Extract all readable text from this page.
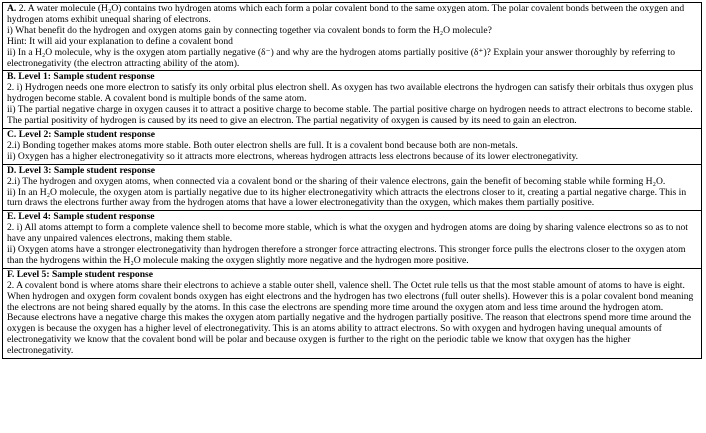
A. 2. A water molecule (H₂O) contains two hydrogen atoms which each form a polar covalent bond to the same oxygen atom. The polar covalent bonds between the oxygen and hydrogen atoms exhibit unequal sharing of electrons.

i) What benefit do the hydrogen and oxygen atoms gain by connecting together via covalent bonds to form the H₂O molecule?

Hint: It will aid your explanation to define a covalent bond

ii) In a H₂O molecule, why is the oxygen atom partially negative (δ⁻) and why are the hydrogen atoms partially positive (δ⁺)? Explain your answer thoroughly by referring to electronegativity (the electron attracting ability of the atom).

B. Level 1: Sample student response

2. i) Hydrogen needs one more electron to satisfy its only orbital plus electron shell. As oxygen has two available electrons the hydrogen can satisfy their orbitals thus oxygen plus hydrogen become stable. A covalent bond is multiple bonds of the same atom.

ii) The partial negative charge in oxygen causes it to attract a positive charge to become stable. The partial positive charge on hydrogen needs to attract electrons to become stable. The partial positivity of hydrogen is caused by its need to give an electron. The partial negativity of oxygen is caused by its need to gain an electron.

C. Level 2: Sample student response

2.i) Bonding together makes atoms more stable. Both outer electron shells are full. It is a covalent bond because both are non-metals.

ii) Oxygen has a higher electronegativity so it attracts more electrons, whereas hydrogen attracts less electrons because of its lower electronegativity.

D. Level 3: Sample student response

2.i) The hydrogen and oxygen atoms, when connected via a covalent bond or the sharing of their valence electrons, gain the benefit of becoming stable while forming H₂O.

ii) In an H₂O molecule, the oxygen atom is partially negative due to its higher electronegativity which attracts the electrons closer to it, creating a partial negative charge. This in turn draws the electrons further away from the hydrogen atoms that have a lower electronegativity than the oxygen, which makes them partially positive.

E. Level 4: Sample student response

2. i) All atoms attempt to form a complete valence shell to become more stable, which is what the oxygen and hydrogen atoms are doing by sharing valence electrons so as to not have any unpaired valences electrons, making them stable.

ii) Oxygen atoms have a stronger electronegativity than hydrogen therefore a stronger force attracting electrons. This stronger force pulls the electrons closer to the oxygen atom than the hydrogens within the H₂O molecule making the oxygen slightly more negative and the hydrogen more positive.

F. Level 5: Sample student response

2. A covalent bond is where atoms share their electrons to achieve a stable outer shell, valence shell. The Octet rule tells us that the most stable amount of atoms to have is eight. When hydrogen and oxygen form covalent bonds oxygen has eight electrons and the hydrogen has two electrons (full outer shells). However this is a polar covalent bond meaning the electrons are not being shared equally by the atoms. In this case the electrons are spending more time around the oxygen atom and less time around the hydrogen atom. Because electrons have a negative charge this makes the oxygen atom partially negative and the hydrogen partially positive. The reason that electrons spend more time around the oxygen is because the oxygen has a higher level of electronegativity. This is an atoms ability to attract electrons. So with oxygen and hydrogen having unequal amounts of electronegativity we know that the covalent bond will be polar and because oxygen is further to the right on the periodic table we know that oxygen has the higher electronegativity.
